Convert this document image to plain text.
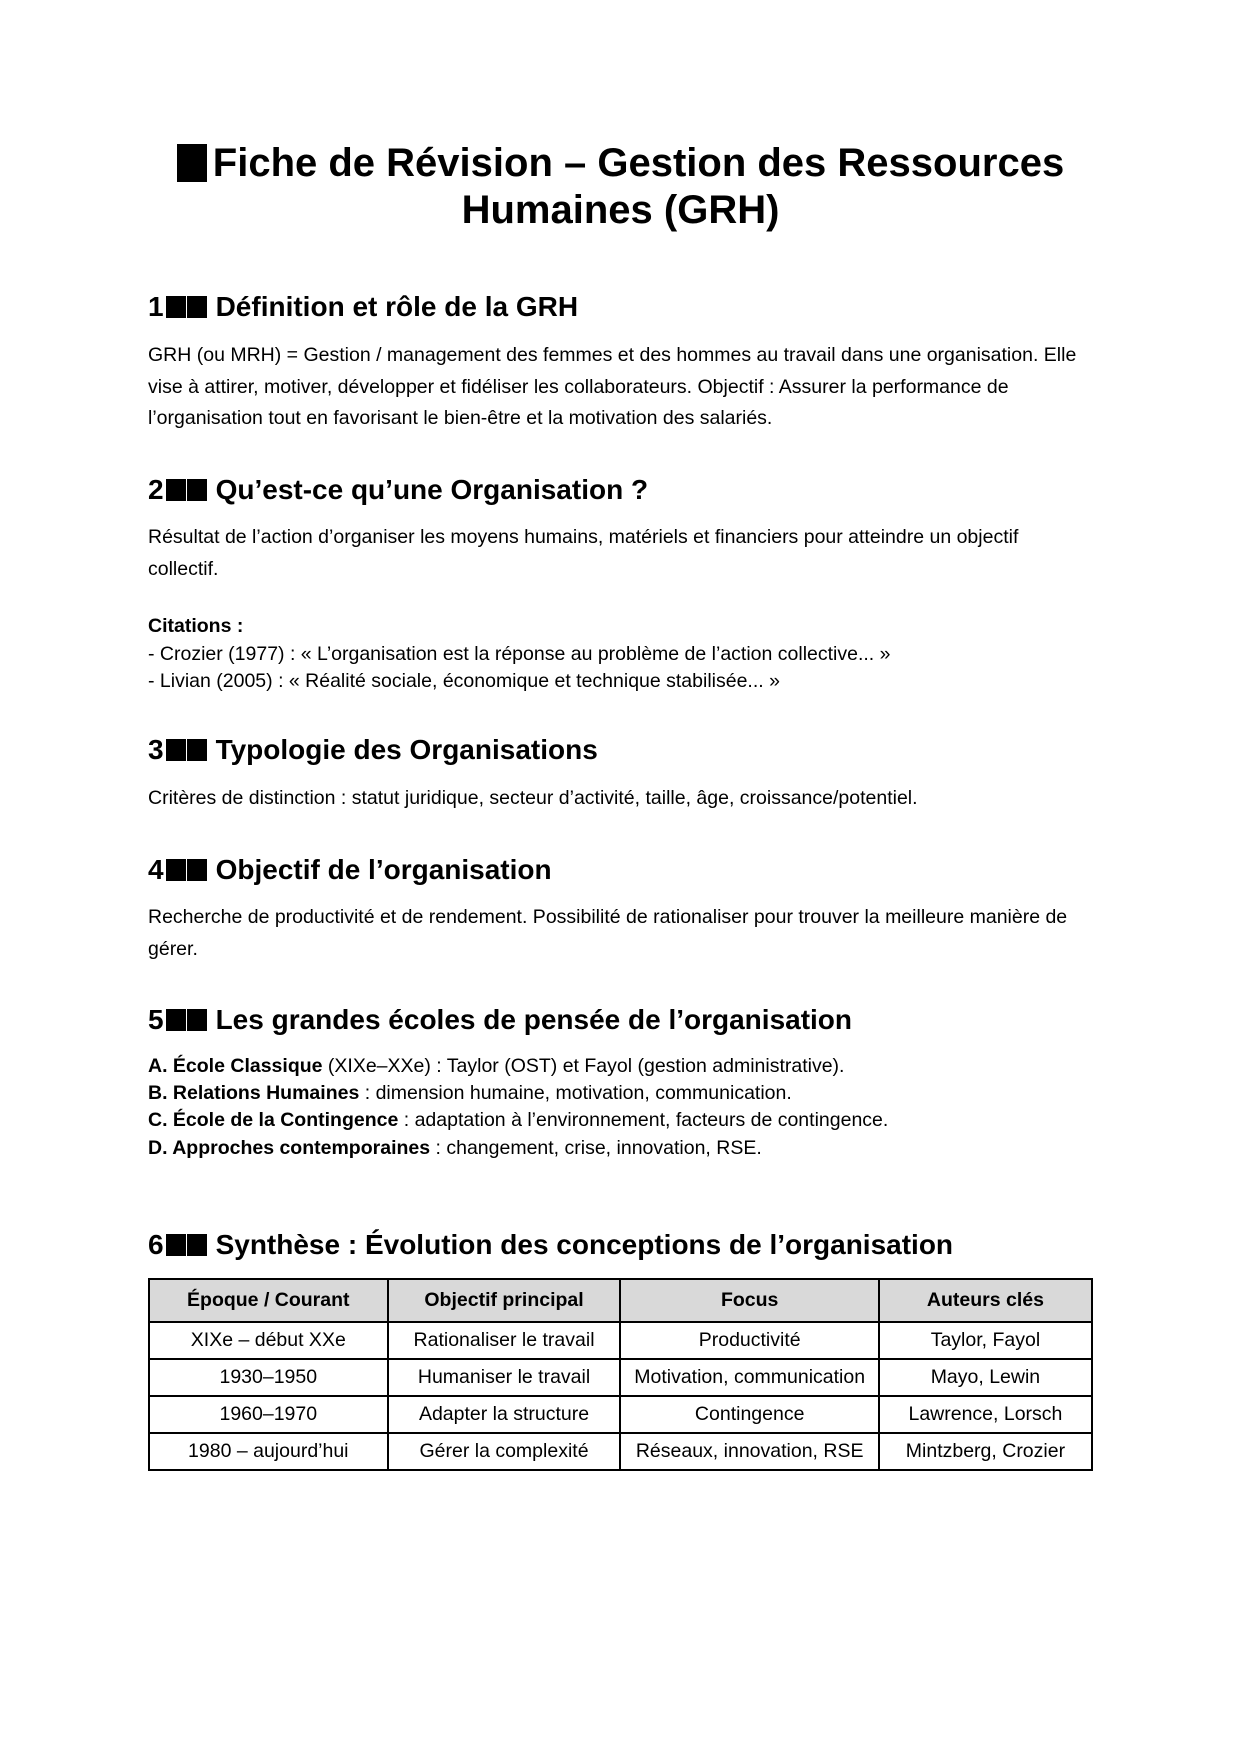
Fiche de Révision – Gestion des Ressources Humaines (GRH)
1 Définition et rôle de la GRH

GRH (ou MRH) = Gestion / management des femmes et des hommes au travail dans une organisation. Elle vise à attirer, motiver, développer et fidéliser les collaborateurs. Objectif : Assurer la performance de l’organisation tout en favorisant le bien-être et la motivation des salariés.

2 Qu’est-ce qu’une Organisation ?

Résultat de l’action d’organiser les moyens humains, matériels et financiers pour atteindre un objectif collectif.

Citations :
- Crozier (1977) : « L’organisation est la réponse au problème de l’action collective... »
- Livian (2005) : « Réalité sociale, économique et technique stabilisée... »
3 Typologie des Organisations

Critères de distinction : statut juridique, secteur d’activité, taille, âge, croissance/potentiel.

4 Objectif de l’organisation

Recherche de productivité et de rendement. Possibilité de rationaliser pour trouver la meilleure manière de gérer.

5 Les grandes écoles de pensée de l’organisation
A. École Classique (XIXe–XXe) : Taylor (OST) et Fayol (gestion administrative).
B. Relations Humaines : dimension humaine, motivation, communication.
C. École de la Contingence : adaptation à l’environnement, facteurs de contingence.
D. Approches contemporaines : changement, crise, innovation, RSE.
6 Synthèse : Évolution des conceptions de l’organisation
Époque / Courant	Objectif principal	Focus	Auteurs clés
XIXe – début XXe	Rationaliser le travail	Productivité	Taylor, Fayol
1930–1950	Humaniser le travail	Motivation, communication	Mayo, Lewin
1960–1970	Adapter la structure	Contingence	Lawrence, Lorsch
1980 – aujourd’hui	Gérer la complexité	Réseaux, innovation, RSE	Mintzberg, Crozier
